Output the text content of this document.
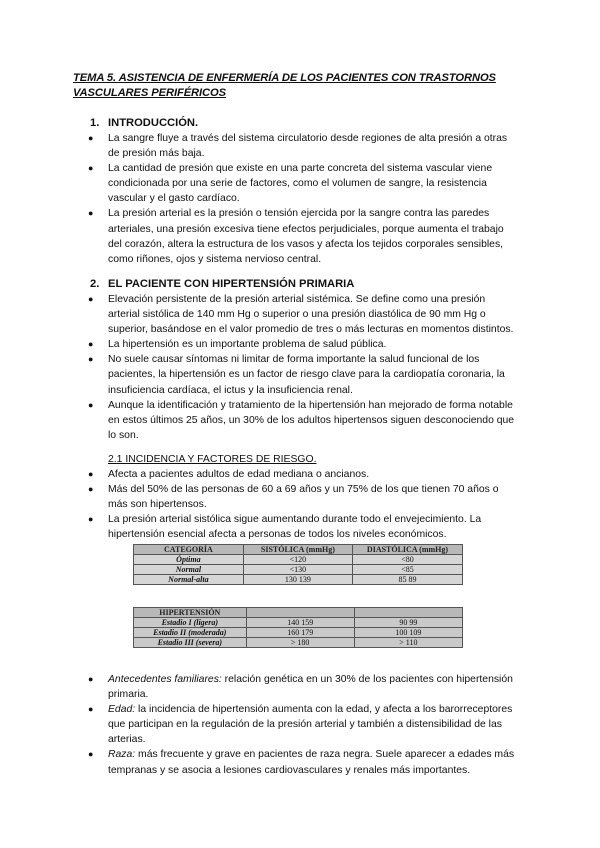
TEMA 5. ASISTENCIA DE ENFERMERÍA DE LOS PACIENTES CON TRASTORNOS VASCULARES PERIFÉRICOS
1. INTRODUCCIÓN.
● La sangre fluye a través del sistema circulatorio desde regiones de alta presión a otras de presión más baja.
● La cantidad de presión que existe en una parte concreta del sistema vascular viene condicionada por una serie de factores, como el volumen de sangre, la resistencia vascular y el gasto cardíaco.
● La presión arterial es la presión o tensión ejercida por la sangre contra las paredes arteriales, una presión excesiva tiene efectos perjudiciales, porque aumenta el trabajo del corazón, altera la estructura de los vasos y afecta los tejidos corporales sensibles, como riñones, ojos y sistema nervioso central.
2. EL PACIENTE CON HIPERTENSIÓN PRIMARIA
● Elevación persistente de la presión arterial sistémica. Se define como una presión arterial sistólica de 140 mm Hg o superior o una presión diastólica de 90 mm Hg o superior, basándose en el valor promedio de tres o más lecturas en momentos distintos.
● La hipertensión es un importante problema de salud pública.
● No suele causar síntomas ni limitar de forma importante la salud funcional de los pacientes, la hipertensión es un factor de riesgo clave para la cardiopatía coronaria, la insuficiencia cardíaca, el ictus y la insuficiencia renal.
● Aunque la identificación y tratamiento de la hipertensión han mejorado de forma notable en estos últimos 25 años, un 30% de los adultos hipertensos siguen desconociendo que lo son.
2.1 INCIDENCIA Y FACTORES DE RIESGO.
● Afecta a pacientes adultos de edad mediana o ancianos.
● Más del 50% de las personas de 60 a 69 años y un 75% de los que tienen 70 años o más son hipertensos.
● La presión arterial sistólica sigue aumentando durante todo el envejecimiento. La hipertensión esencial afecta a personas de todos los niveles económicos.
CATEGORÍA	SISTÓLICA (mmHg)	DIASTÓLICA (mmHg)
Óptima	<120	<80
Normal	<130	<85
Normal-alta	130 139	85 89
HIPERTENSIÓN		
Estadio I (ligera)	140 159	90 99
Estadio II (moderada)	160 179	100 109
Estadio III (severa)	> 180	> 110
● Antecedentes familiares: relación genética en un 30% de los pacientes con hipertensión primaria.
● Edad: la incidencia de hipertensión aumenta con la edad, y afecta a los barorreceptores que participan en la regulación de la presión arterial y también a distensibilidad de las arterias.
● Raza: más frecuente y grave en pacientes de raza negra. Suele aparecer a edades más tempranas y se asocia a lesiones cardiovasculares y renales más importantes.
